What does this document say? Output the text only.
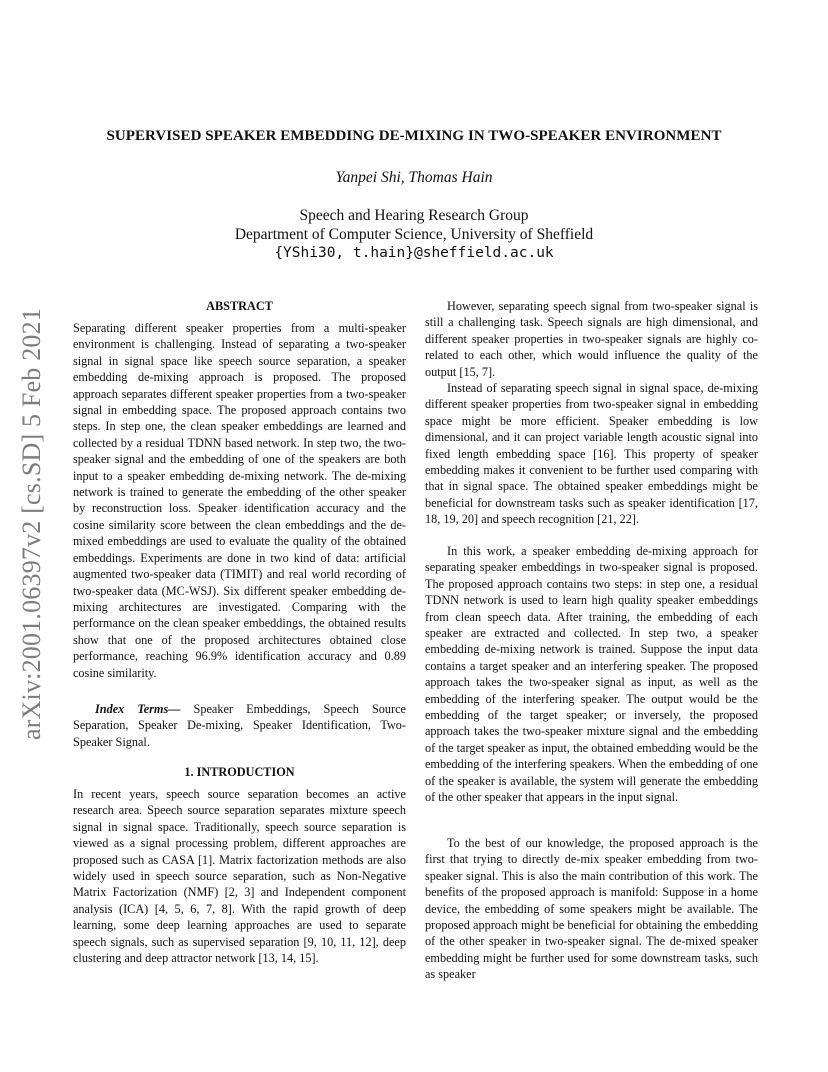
SUPERVISED SPEAKER EMBEDDING DE-MIXING IN TWO-SPEAKER ENVIRONMENT
Yanpei Shi, Thomas Hain
Speech and Hearing Research Group
Department of Computer Science, University of Sheffield
{YShi30, t.hain}@sheffield.ac.uk
arXiv:2001.06397v2 [cs.SD] 5 Feb 2021
ABSTRACT

Separating different speaker properties from a multi-speaker environment is challenging. Instead of separating a two-speaker signal in signal space like speech source separation, a speaker embedding de-mixing approach is proposed. The proposed approach separates different speaker properties from a two-speaker signal in embedding space. The proposed approach contains two steps. In step one, the clean speaker embeddings are learned and collected by a residual TDNN based network. In step two, the two-speaker signal and the embedding of one of the speakers are both input to a speaker embedding de-mixing network. The de-mixing network is trained to generate the embedding of the other speaker by reconstruction loss. Speaker identification accuracy and the cosine similarity score between the clean embeddings and the de-mixed embeddings are used to evaluate the quality of the obtained embeddings. Experiments are done in two kind of data: artificial augmented two-speaker data (TIMIT) and real world recording of two-speaker data (MC-WSJ). Six different speaker embedding de-mixing architectures are investigated. Comparing with the performance on the clean speaker embeddings, the obtained results show that one of the proposed architectures obtained close performance, reaching 96.9% identification accuracy and 0.89 cosine similarity.

Index Terms— Speaker Embeddings, Speech Source Separation, Speaker De-mixing, Speaker Identification, Two-Speaker Signal.

1. INTRODUCTION

In recent years, speech source separation becomes an active research area. Speech source separation separates mixture speech signal in signal space. Traditionally, speech source separation is viewed as a signal processing problem, different approaches are proposed such as CASA [1]. Matrix factorization methods are also widely used in speech source separation, such as Non-Negative Matrix Factorization (NMF) [2, 3] and Independent component analysis (ICA) [4, 5, 6, 7, 8]. With the rapid growth of deep learning, some deep learning approaches are used to separate speech signals, such as supervised separation [9, 10, 11, 12], deep clustering and deep attractor network [13, 14, 15].

However, separating speech signal from two-speaker signal is still a challenging task. Speech signals are high dimensional, and different speaker properties in two-speaker signals are highly co-related to each other, which would influence the quality of the output [15, 7].

Instead of separating speech signal in signal space, de-mixing different speaker properties from two-speaker signal in embedding space might be more efficient. Speaker embedding is low dimensional, and it can project variable length acoustic signal into fixed length embedding space [16]. This property of speaker embedding makes it convenient to be further used comparing with that in signal space. The obtained speaker embeddings might be beneficial for downstream tasks such as speaker identification [17, 18, 19, 20] and speech recognition [21, 22].

In this work, a speaker embedding de-mixing approach for separating speaker embeddings in two-speaker signal is proposed. The proposed approach contains two steps: in step one, a residual TDNN network is used to learn high quality speaker embeddings from clean speech data. After training, the embedding of each speaker are extracted and collected. In step two, a speaker embedding de-mixing network is trained. Suppose the input data contains a target speaker and an interfering speaker. The proposed approach takes the two-speaker signal as input, as well as the embedding of the interfering speaker. The output would be the embedding of the target speaker; or inversely, the proposed approach takes the two-speaker mixture signal and the embedding of the target speaker as input, the obtained embedding would be the embedding of the interfering speakers. When the embedding of one of the speaker is available, the system will generate the embedding of the other speaker that appears in the input signal.

To the best of our knowledge, the proposed approach is the first that trying to directly de-mix speaker embedding from two-speaker signal. This is also the main contribution of this work. The benefits of the proposed approach is manifold: Suppose in a home device, the embedding of some speakers might be available. The proposed approach might be beneficial for obtaining the embedding of the other speaker in two-speaker signal. The de-mixed speaker embedding might be further used for some downstream tasks, such as speaker
